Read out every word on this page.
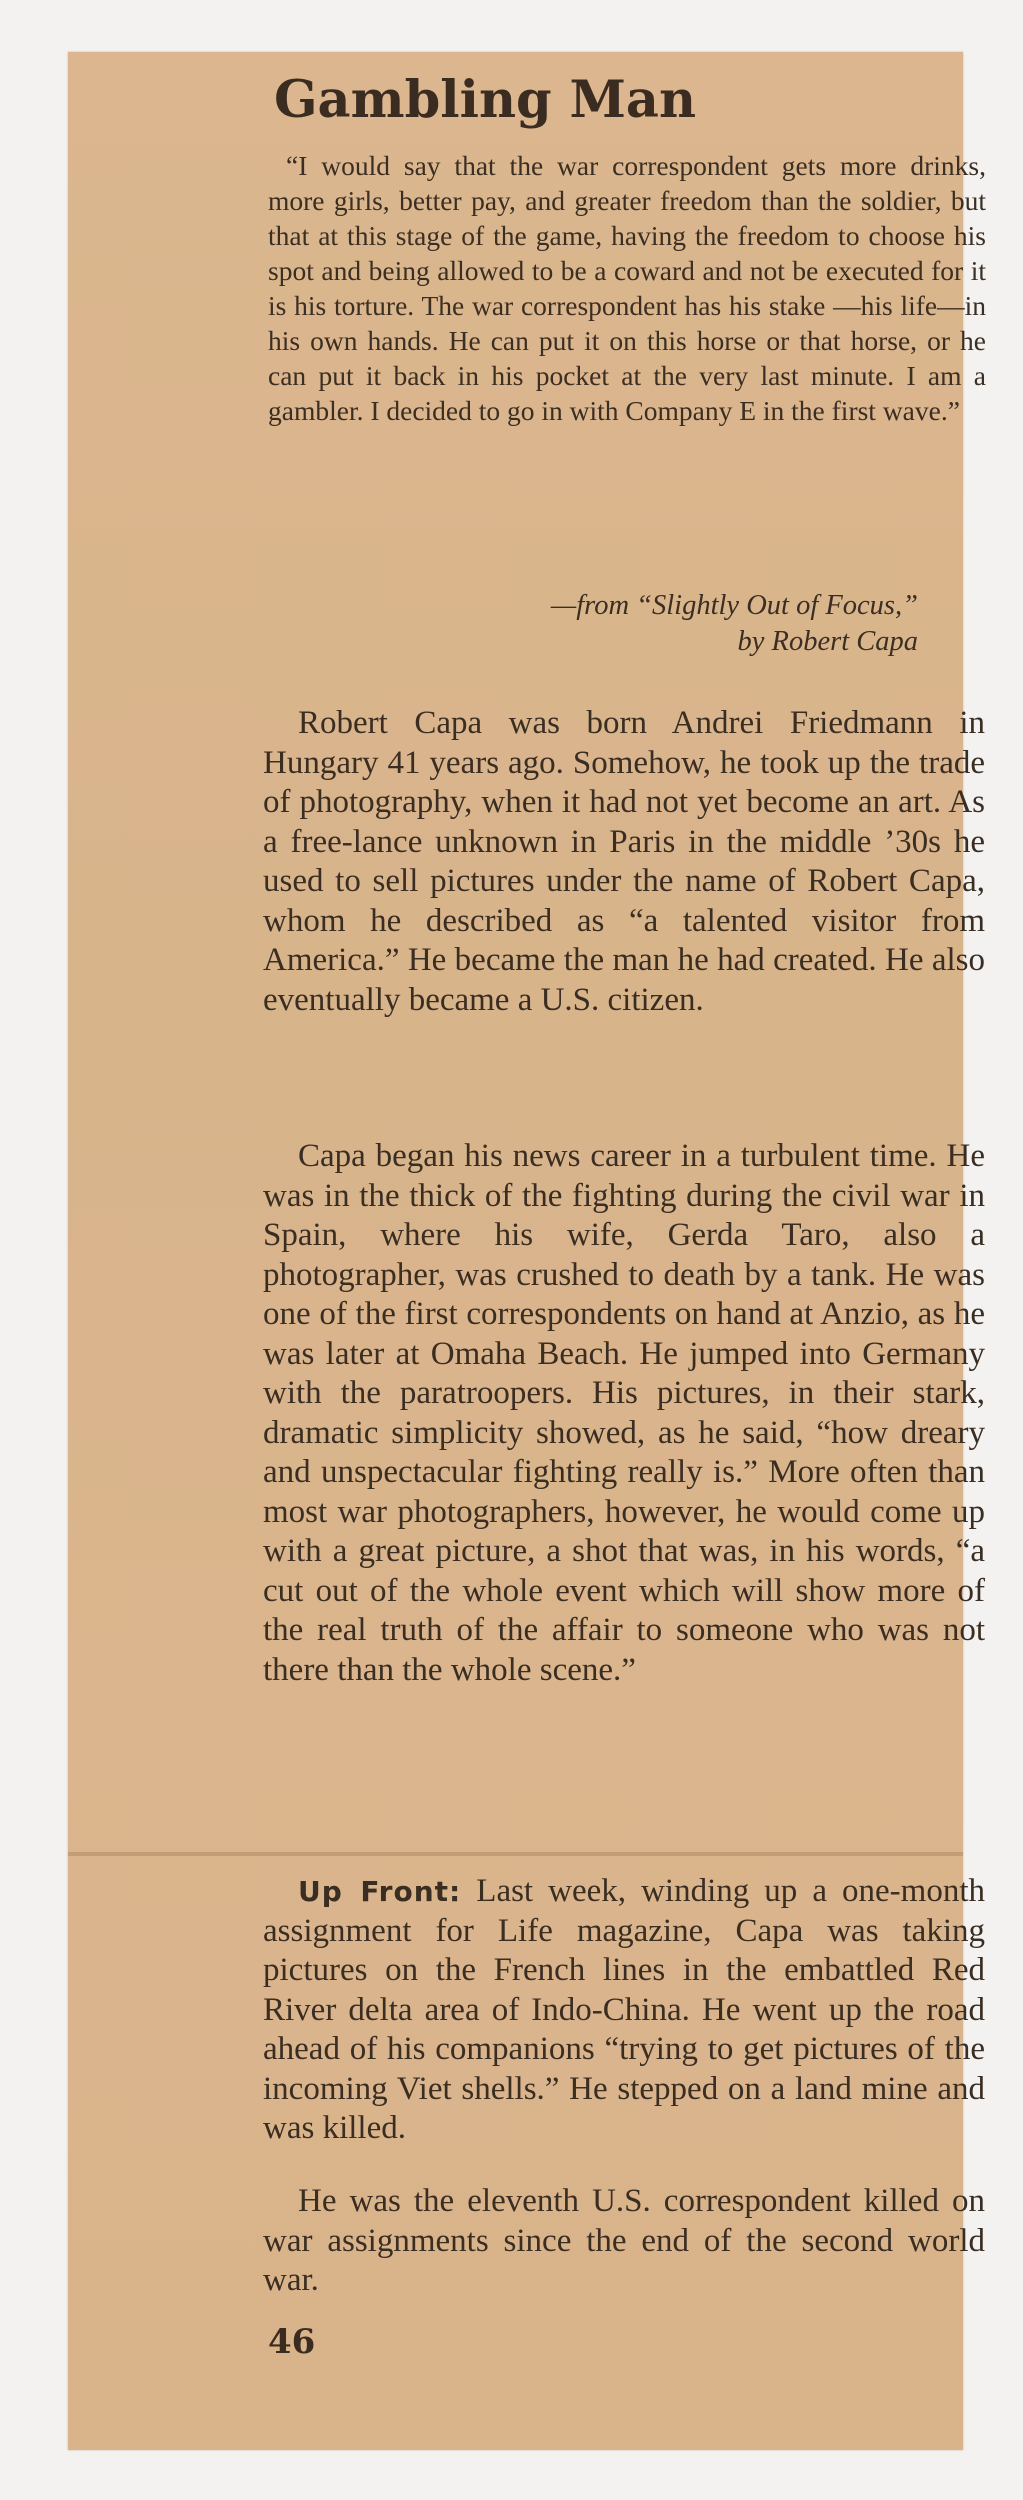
Gambling Man

“I would say that the war correspondent gets more drinks, more girls, better pay, and greater freedom than the soldier, but that at this stage of the game, having the freedom to choose his spot and being allowed to be a coward and not be executed for it is his torture. The war correspondent has his stake —his life—in his own hands. He can put it on this horse or that horse, or he can put it back in his pocket at the very last minute. I am a gambler. I decided to go in with Company E in the first wave.”

—from “Slightly Out of Focus,”
by Robert Capa

Robert Capa was born Andrei Friedmann in Hungary 41 years ago. Somehow, he took up the trade of photography, when it had not yet become an art. As a free-lance unknown in Paris in the middle ’30s he used to sell pictures under the name of Robert Capa, whom he described as “a talented visitor from America.” He became the man he had created. He also eventually became a U.S. citizen.

Capa began his news career in a turbulent time. He was in the thick of the fighting during the civil war in Spain, where his wife, Gerda Taro, also a photographer, was crushed to death by a tank. He was one of the first correspondents on hand at Anzio, as he was later at Omaha Beach. He jumped into Germany with the paratroopers. His pictures, in their stark, dramatic simplicity showed, as he said, “how dreary and unspectacular fighting really is.” More often than most war photographers, however, he would come up with a great picture, a shot that was, in his words, “a cut out of the whole event which will show more of the real truth of the affair to someone who was not there than the whole scene.”

Up Front: Last week, winding up a one-month assignment for Life magazine, Capa was taking pictures on the French lines in the embattled Red River delta area of Indo-China. He went up the road ahead of his companions “trying to get pictures of the incoming Viet shells.” He stepped on a land mine and was killed.

He was the eleventh U.S. correspondent killed on war assignments since the end of the second world war.

46
